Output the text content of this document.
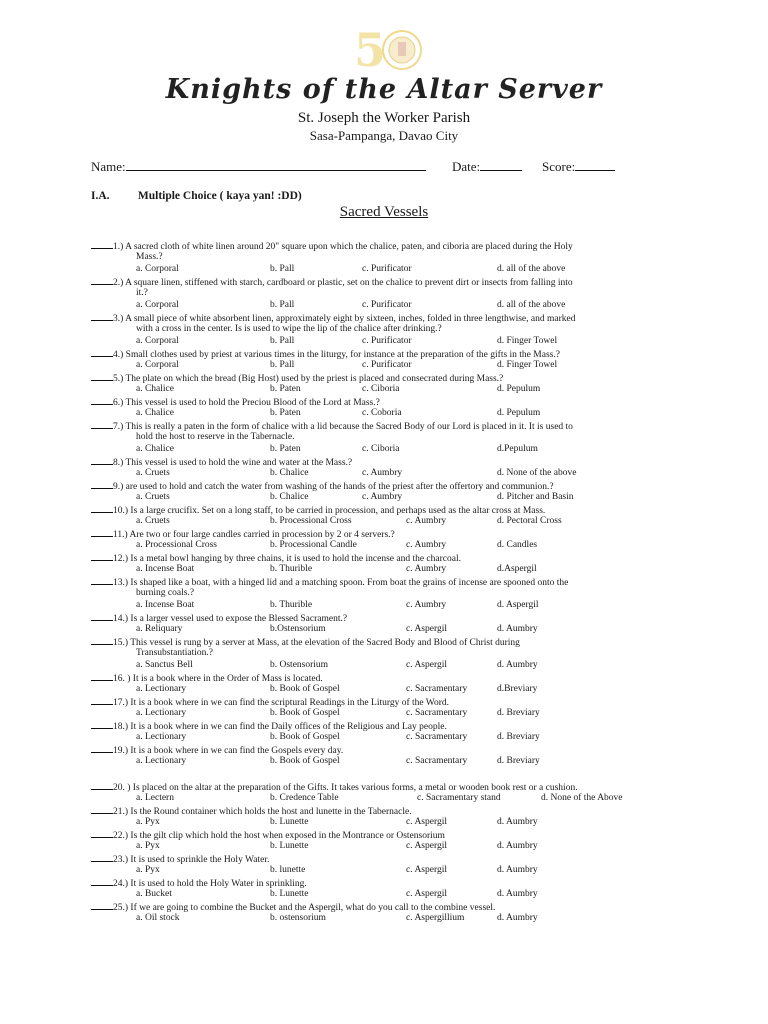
5
Knights of the Altar Server
St. Joseph the Worker Parish
Sasa-Pampanga, Davao City
Name:	Date:	Score:
I.A. Multiple Choice ( kaya yan! :DD)
Sacred Vessels
1.) A sacred cloth of white linen around 20" square upon which the chalice, paten, and ciboria are placed during the Holy
Mass.?
a. Corporal	b. Pall	c. Purificator	d. all of the above
2.) A square linen, stiffened with starch, cardboard or plastic, set on the chalice to prevent dirt or insects from falling into
it.?
a. Corporal	b. Pall	c. Purificator	d. all of the above
3.) A small piece of white absorbent linen, approximately eight by sixteen, inches, folded in three lengthwise, and marked
with a cross in the center. Is is used to wipe the lip of the chalice after drinking.?
a. Corporal	b. Pall	c. Purificator	d. Finger Towel
4.) Small clothes used by priest at various times in the liturgy, for instance at the preparation of the gifts in the Mass.?
a. Corporal	b. Pall	c. Purificator	d. Finger Towel
5.) The plate on which the bread (Big Host) used by the priest is placed and consecrated during Mass.?
a. Chalice	b. Paten	c. Ciboria	d. Pepulum
6.) This vessel is used to hold the Preciou Blood of the Lord at Mass.?
a. Chalice	b. Paten	c. Coboria	d. Pepulum
7.) This is really a paten in the form of chalice with a lid because the Sacred Body of our Lord is placed in it. It is used to
hold the host to reserve in the Tabernacle.
a. Chalice	b. Paten	c. Ciboria	d.Pepulum
8.) This vessel is used to hold the wine and water at the Mass.?
a. Cruets	b. Chalice	c. Aumbry	d. None of the above
9.) are used to hold and catch the water from washing of the hands of the priest after the offertory and communion.?
a. Cruets	b. Chalice	c. Aumbry	d. Pitcher and Basin
10.) Is a large crucifix. Set on a long staff, to be carried in procession, and perhaps used as the altar cross at Mass.
a. Cruets	b. Processional Cross	c. Aumbry	d. Pectoral Cross
11.) Are two or four large candles carried in procession by 2 or 4 servers.?
a. Processional Cross	b. Processional Candle	c. Aumbry	d. Candles
12.) Is a metal bowl hanging by three chains, it is used to hold the incense and the charcoal.
a. Incense Boat	b. Thurible	c. Aumbry	d.Aspergil
13.) Is shaped like a boat, with a hinged lid and a matching spoon. From boat the grains of incense are spooned onto the
burning coals.?
a. Incense Boat	b. Thurible	c. Aumbry	d. Aspergil
14.) Is a larger vessel used to expose the Blessed Sacrament.?
a. Reliquary	b.Ostensorium	c. Aspergil	d. Aumbry
15.) This vessel is rung by a server at Mass, at the elevation of the Sacred Body and Blood of Christ during
Transubstantiation.?
a. Sanctus Bell	b. Ostensorium	c. Aspergil	d. Aumbry
16. ) It is a book where in the Order of Mass is located.
a. Lectionary	b. Book of Gospel	c. Sacramentary	d.Breviary
17.) It is a book where in we can find the scriptural Readings in the Liturgy of the Word.
a. Lectionary	b. Book of Gospel	c. Sacramentary	d. Breviary
18.) It is a book where in we can find the Daily offices of the Religious and Lay people.
a. Lectionary	b. Book of Gospel	c. Sacramentary	d. Breviary
19.) It is a book where in we can find the Gospels every day.
a. Lectionary	b. Book of Gospel	c. Sacramentary	d. Breviary
20. ) Is placed on the altar at the preparation of the Gifts. It takes various forms, a metal or wooden book rest or a cushion.
a. Lectern	b. Credence Table	c. Sacramentary stand	d. None of the Above
21.) Is the Round container which holds the host and lunette in the Tabernacle.
a. Pyx	b. Lunette	c. Aspergil	d. Aumbry
22.) Is the gilt clip which hold the host when exposed in the Montrance or Ostensorium
a. Pyx	b. Lunette	c. Aspergil	d. Aumbry
23.) It is used to sprinkle the Holy Water.
a. Pyx	b. lunette	c. Aspergil	d. Aumbry
24.) It is used to hold the Holy Water in sprinkling.
a. Bucket	b. Lunette	c. Aspergil	d. Aumbry
25.) If we are going to combine the Bucket and the Aspergil, what do you call to the combine vessel.
a. Oil stock	b. ostensorium	c. Aspergillium	d. Aumbry
